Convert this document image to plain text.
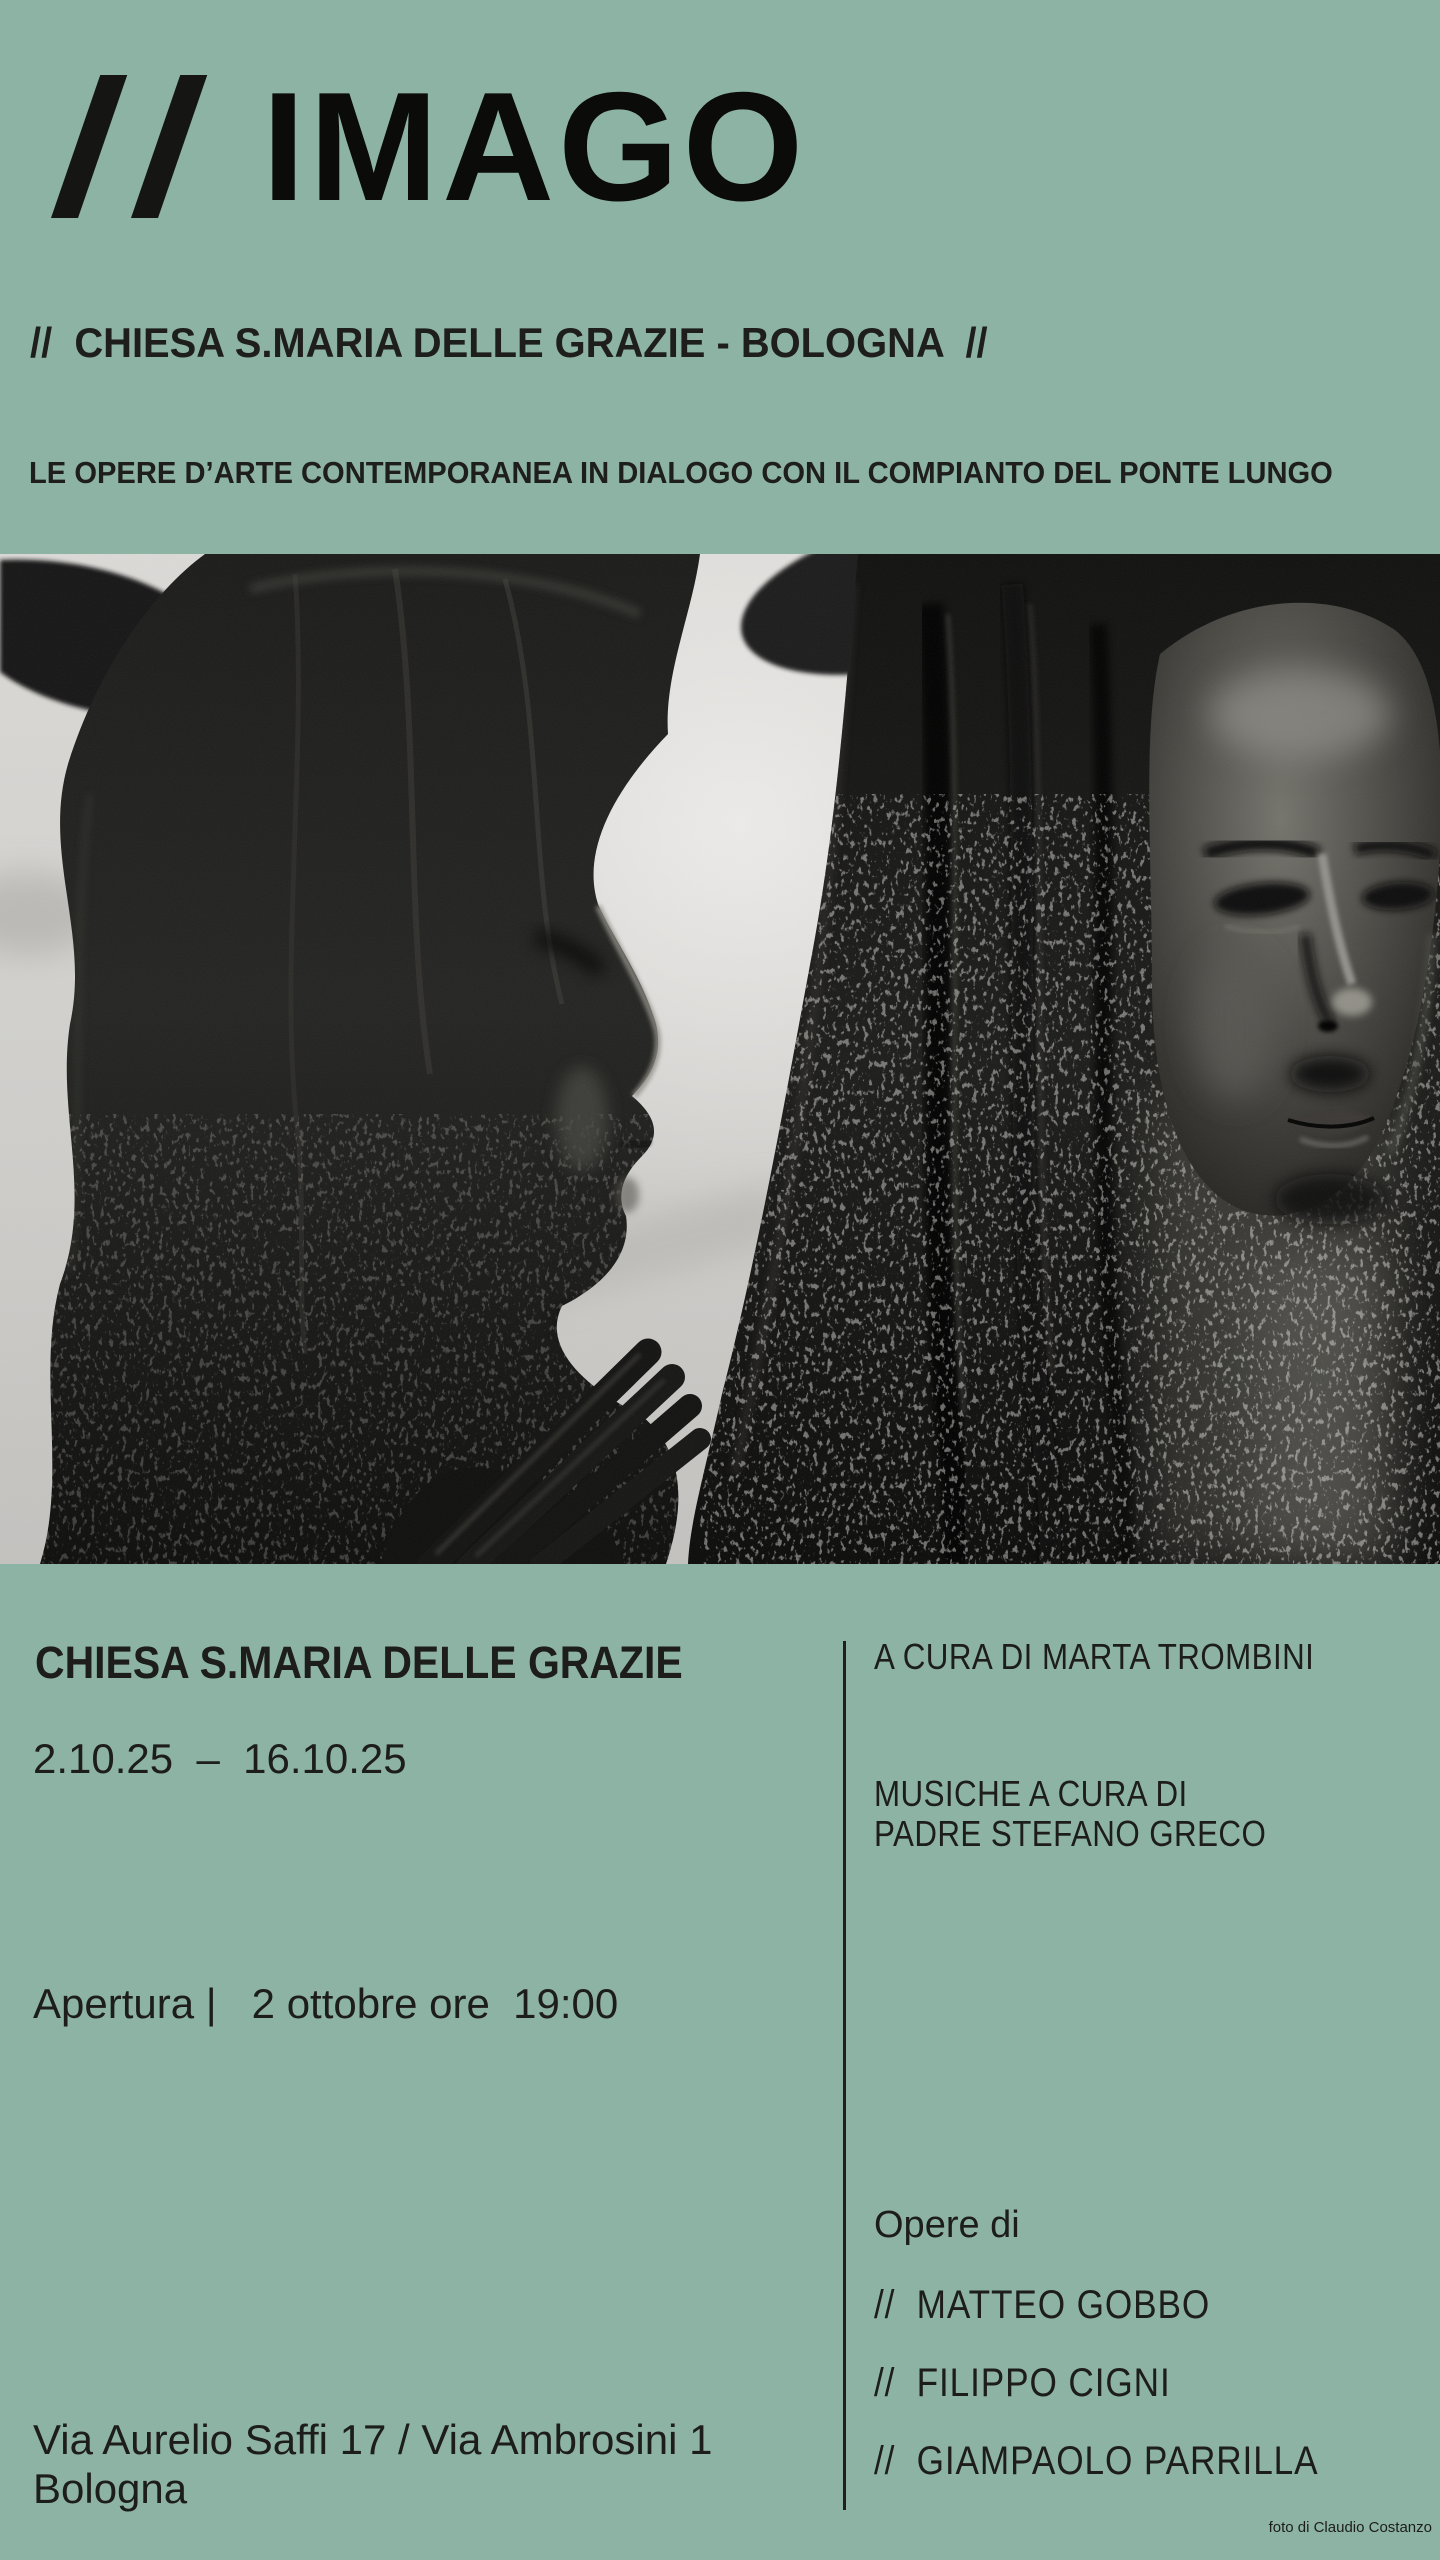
IMAGO
//  CHIESA S.MARIA DELLE GRAZIE - BOLOGNA  //
LE OPERE D’ARTE CONTEMPORANEA IN DIALOGO CON IL COMPIANTO DEL PONTE LUNGO
CHIESA S.MARIA DELLE GRAZIE
2.10.25  –  16.10.25
Apertura |   2 ottobre ore  19:00
Via Aurelio Saffi 17 / Via Ambrosini 1
Bologna
A CURA DI MARTA TROMBINI
MUSICHE A CURA DI
PADRE STEFANO GRECO
Opere di
//  MATTEO GOBBO
//  FILIPPO CIGNI
//  GIAMPAOLO PARRILLA
foto di Claudio Costanzo
